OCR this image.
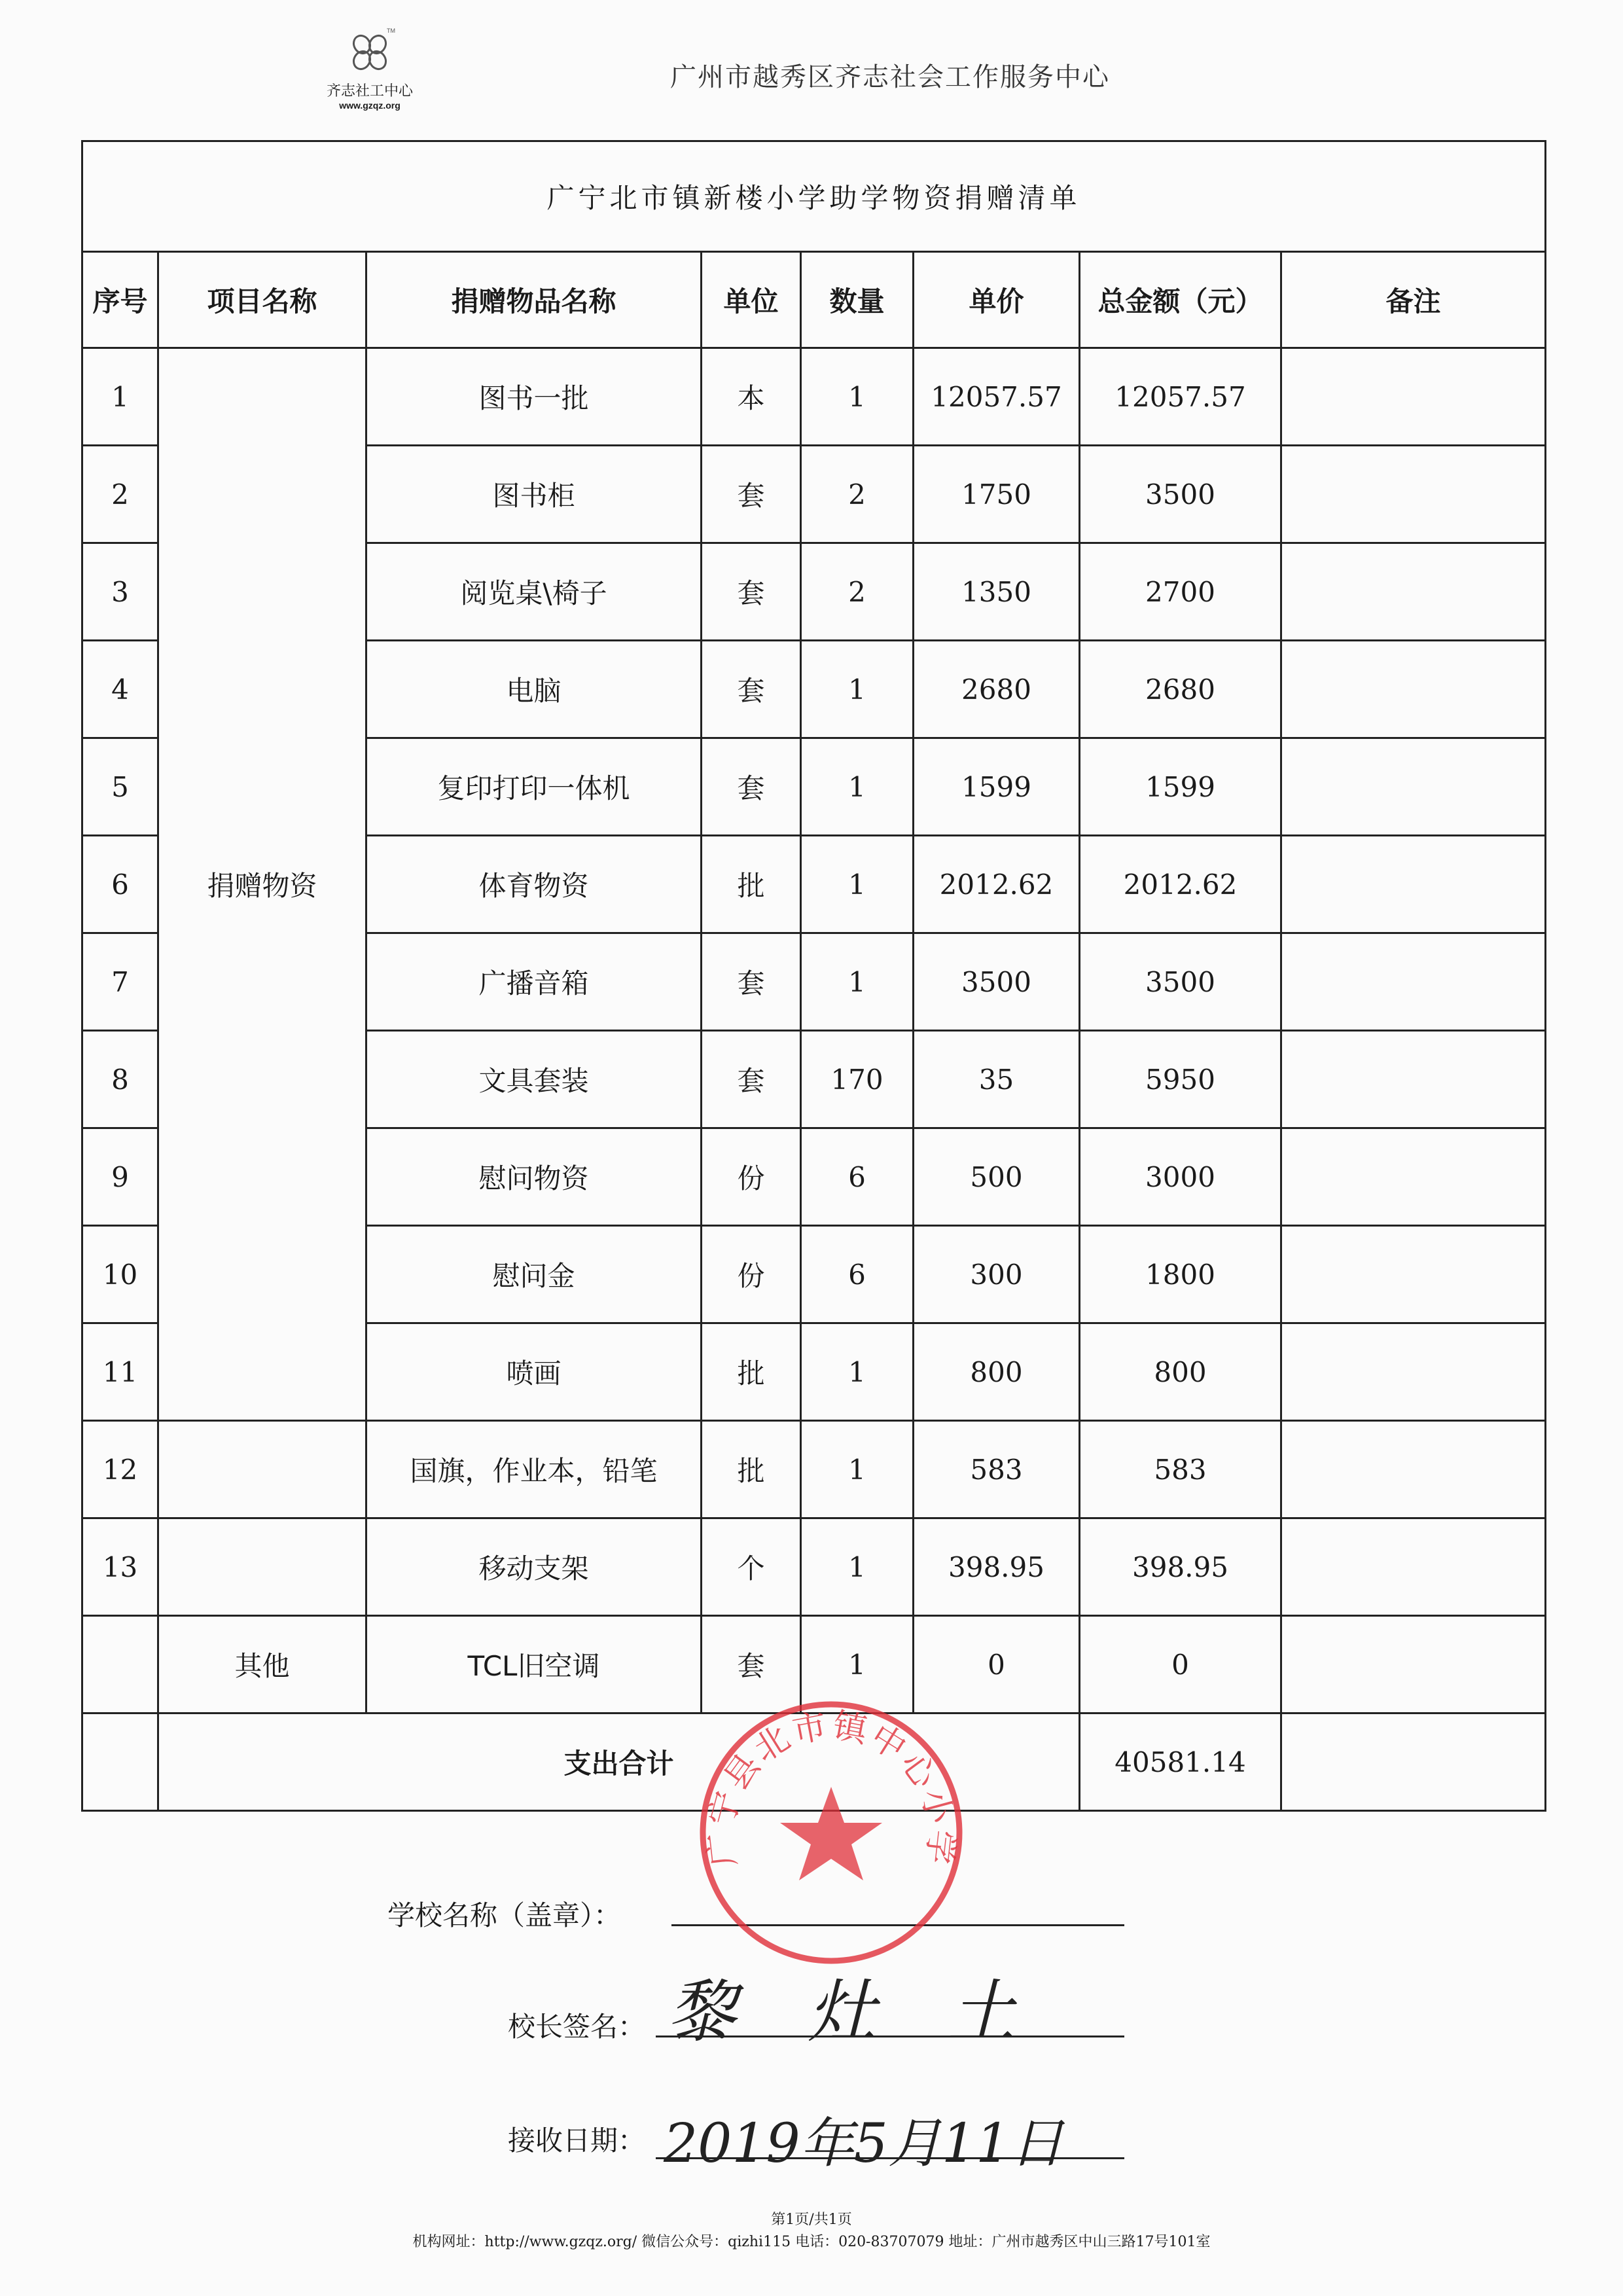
TM
齐志社工中心
www.gzqz.org
广州市越秀区齐志社会工作服务中心
广宁北市镇新楼小学助学物资捐赠清单							
序号	项目名称	捐赠物品名称	单位	数量	单价	总金额（元）	备注
1	捐赠物资	图书一批	本	1	12057.57	12057.57	
2		图书柜	套	2	1750	3500	
3		阅览桌\椅子	套	2	1350	2700	
4		电脑	套	1	2680	2680	
5		复印打印一体机	套	1	1599	1599	
6		体育物资	批	1	2012.62	2012.62	
7		广播音箱	套	1	3500	3500	
8		文具套装	套	170	35	5950	
9		慰问物资	份	6	500	3000	
10		慰问金	份	6	300	1800	
11		喷画	批	1	800	800	
12		国旗，作业本，铅笔	批	1	583	583	
13		移动支架	个	1	398.95	398.95	
	其他	TCL旧空调	套	1	0	0	
	支出合计					40581.14	
学校名称（盖章）：
校长签名： 黎灶土
接收日期： 2019年5月11日
广宁县北市镇中心小学
第1页/共1页
机构网址：http://www.gzqz.org/ 微信公众号：qizhi115 电话：020-83707079 地址：广州市越秀区中山三路17号101室
